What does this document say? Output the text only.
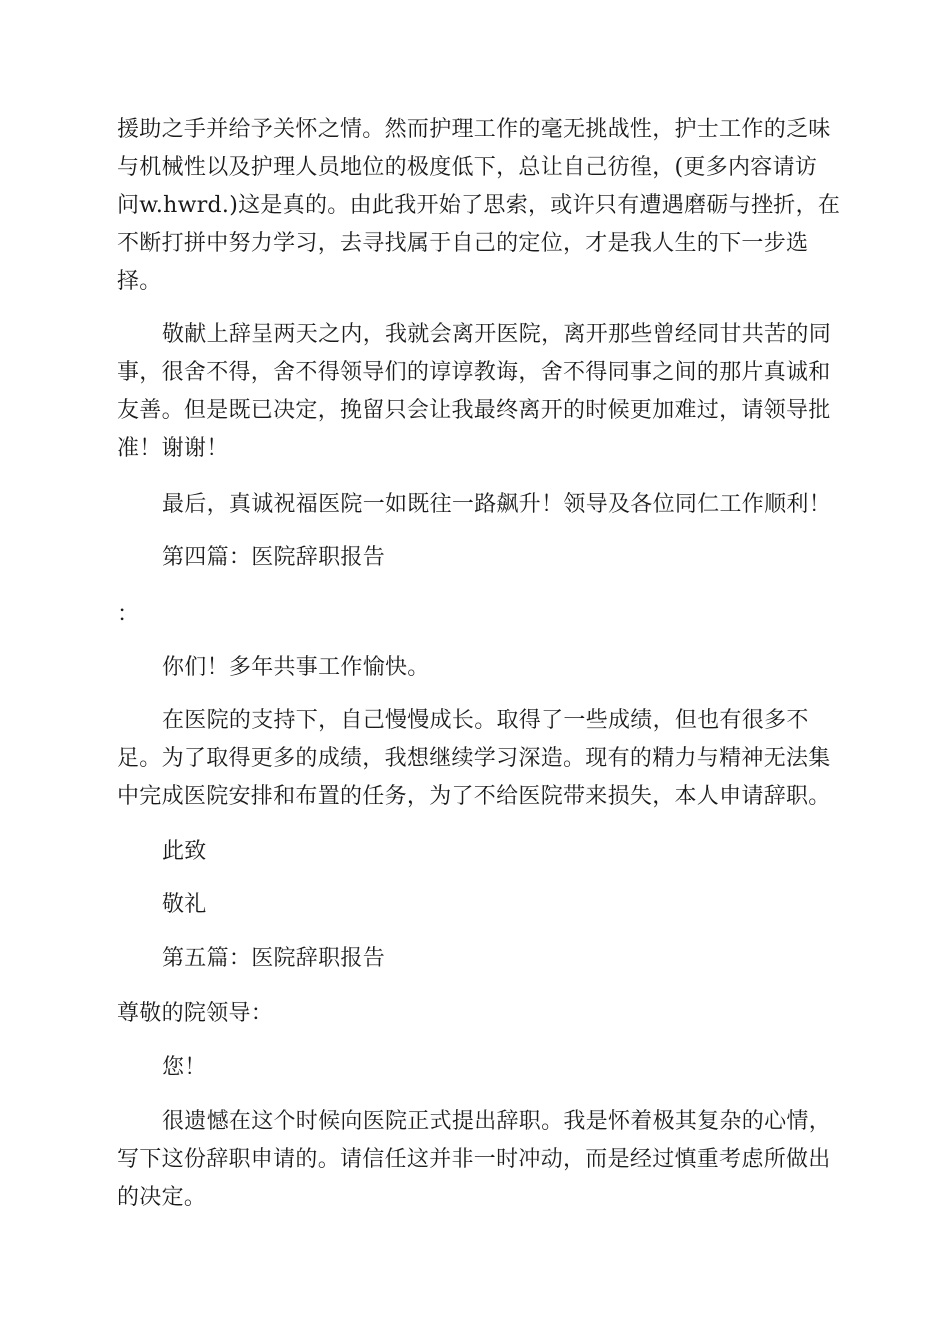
援助之手并给予关怀之情。然而护理工作的毫无挑战性，护士工作的乏味
与机械性以及护理人员地位的极度低下，总让自己彷徨，(更多内容请访
问w.hwrd.)这是真的。由此我开始了思索，或许只有遭遇磨砺与挫折，在
不断打拼中努力学习，去寻找属于自己的定位，才是我人生的下一步选
择。
敬献上辞呈两天之内，我就会离开医院，离开那些曾经同甘共苦的同
事，很舍不得，舍不得领导们的谆谆教诲，舍不得同事之间的那片真诚和
友善。但是既已决定，挽留只会让我最终离开的时候更加难过，请领导批
准！谢谢！
最后，真诚祝福医院一如既往一路飙升！领导及各位同仁工作顺利！
第四篇：医院辞职报告
：
你们！多年共事工作愉快。
在医院的支持下，自己慢慢成长。取得了一些成绩，但也有很多不
足。为了取得更多的成绩，我想继续学习深造。现有的精力与精神无法集
中完成医院安排和布置的任务，为了不给医院带来损失，本人申请辞职。
此致
敬礼
第五篇：医院辞职报告
尊敬的院领导：
您！
很遗憾在这个时候向医院正式提出辞职。我是怀着极其复杂的心情，
写下这份辞职申请的。请信任这并非一时冲动，而是经过慎重考虑所做出
的决定。
